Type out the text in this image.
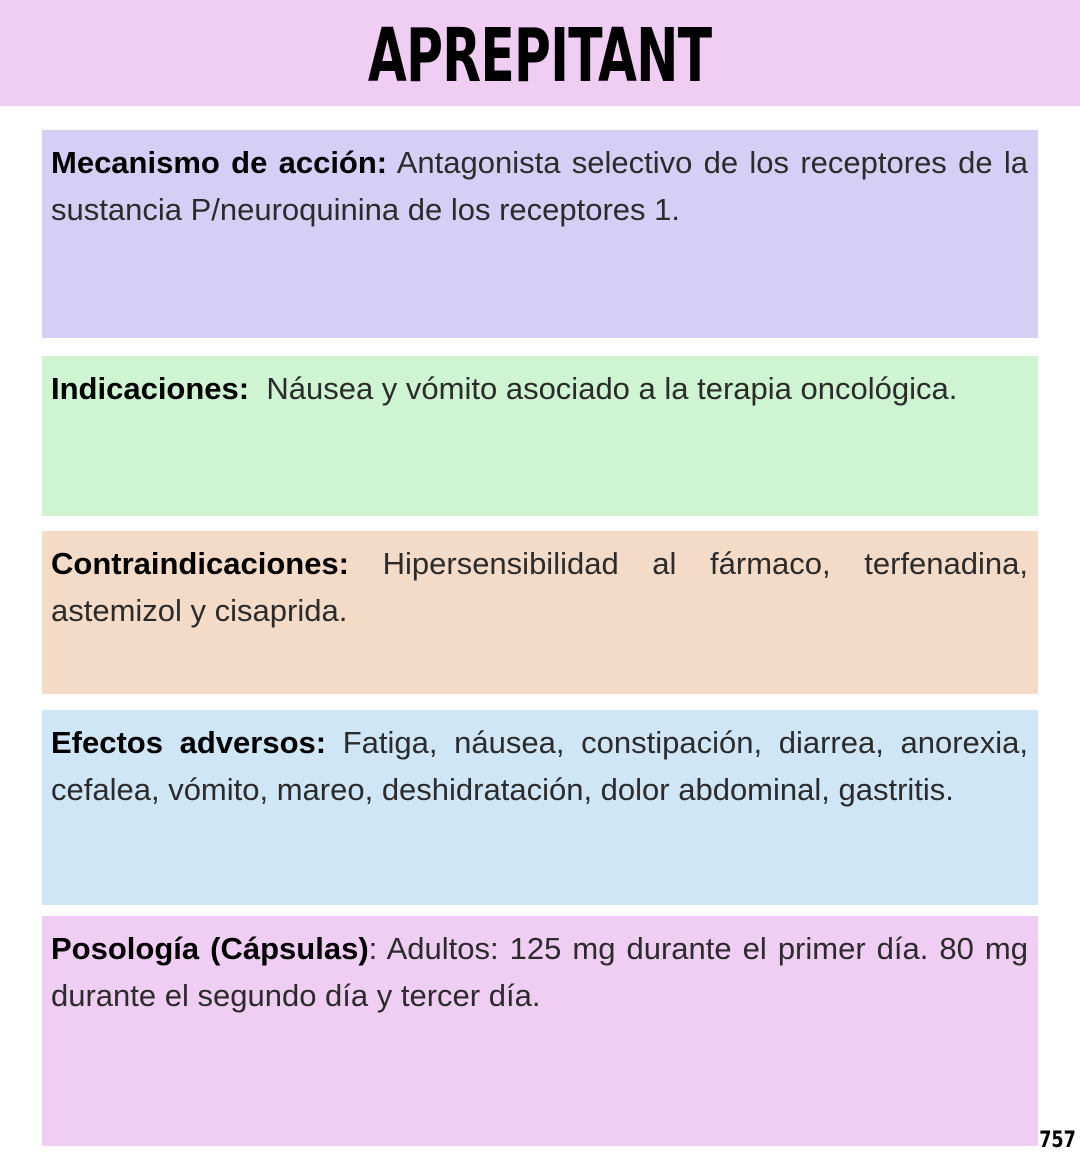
APREPITANT

Mecanismo de acción: Antagonista selectivo de los receptores de la sustancia P/neuroquinina de los receptores 1.

Indicaciones:  Náusea y vómito asociado a la terapia oncológica.

Contraindicaciones: Hipersensibilidad al fármaco, terfenadina, astemizol y cisaprida.

Efectos adversos: Fatiga, náusea, constipación, diarrea, anorexia, cefalea, vómito, mareo, deshidratación, dolor abdominal, gastritis.

Posología (Cápsulas): Adultos: 125 mg durante el primer día. 80 mg durante el segundo día y tercer día.

757
